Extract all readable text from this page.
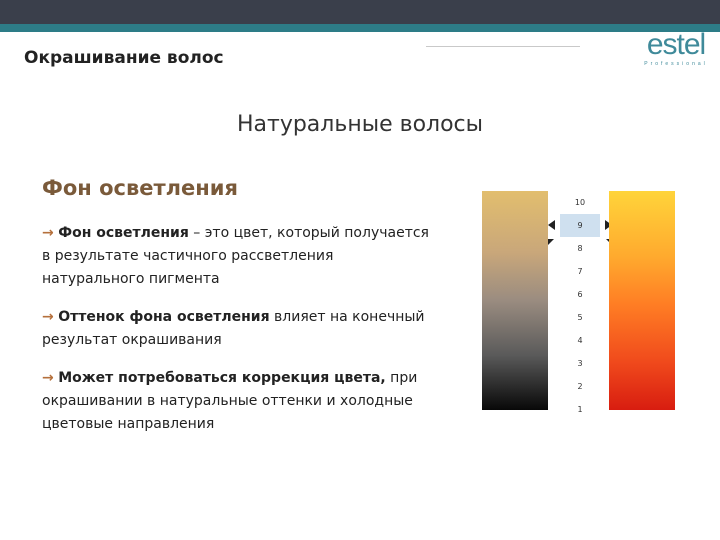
Окрашивание волос	estel
Professional
Натуральные волосы
Фон осветления
→ Фон осветления – это цвет, который получается в результате частичного рассветления натурального пигмента
→ Оттенок фона осветления влияет на конечный результат окрашивания
→ Может потребоваться коррекция цвета, при окрашивании в натуральные оттенки и холодные цветовые направления
10
9
8
7
6
5
4
3
2
1
